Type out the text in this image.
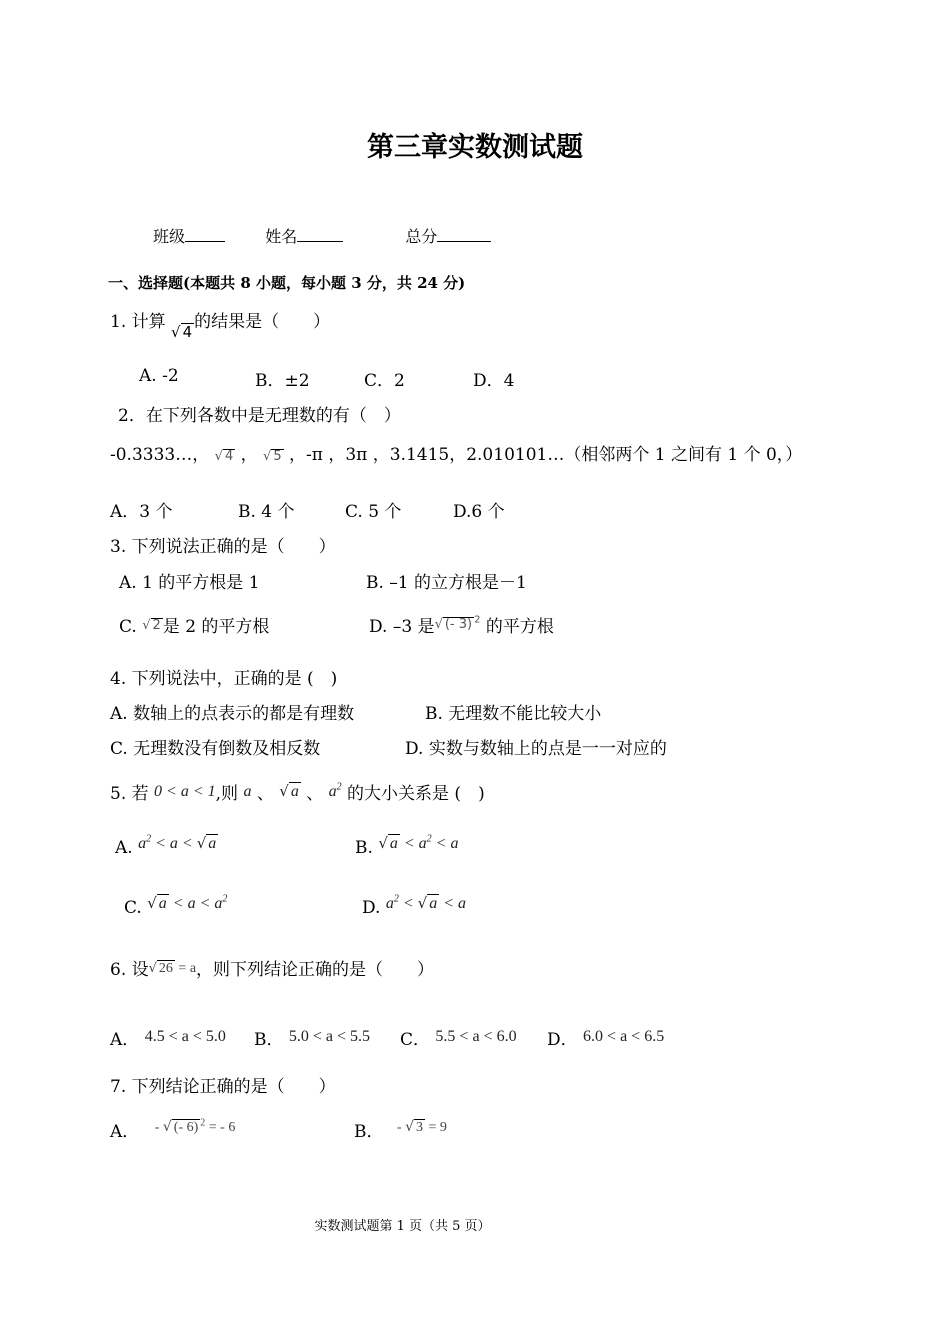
第三章实数测试题
班级	姓名	总分
一、选择题(本题共 8 小题，每小题 3 分，共 24 分)
1. 计算 √ 4 的结果是（　　）
A. -2	B．±2	C．2	D．4
2．在下列各数中是无理数的有（　）
-0.3333…， √ 4 ， √ 5 ，-π ，3π ，3.1415，2.010101…（相邻两个 1 之间有 1 个 0，）
A．3 个	B. 4 个	C. 5 个	D.6 个
3. 下列说法正确的是（　　）
A. 1 的平方根是 1	B. –1 的立方根是－1
C. √ 2 是 2 的平方根	D. –3 是$^{√ (- 3) ^2}$ 的平方根
4. 下列说法中，正确的是 (　)
A. 数轴上的点表示的都是有理数	B. 无理数不能比较大小
C. 无理数没有倒数及相反数	D. 实数与数轴上的点是一一对应的
5. 若 0 < a < 1,则 a 、 √ a 、 $a^2$ 的大小关系是 (　)
A. $a^2 < a$ < √ a	B. √ $a < a^2 < a$
C. √ $a < a < a^2$	D. $a^2$ < √ a < a
6. 设√ 26 = a，则下列结论正确的是（　　）
A． 4.5 < a < 5.0 B． 5.0 < a < 5.5 C． 5.5 < a < 6.0 D． 6.0 < a < 6.5
7. 下列结论正确的是（　　）
A． $^{- √ (- 6) ^2 = - 6}$	B． $^{- √ 3 = 9}$
实数测试题第 1 页（共 5 页）
